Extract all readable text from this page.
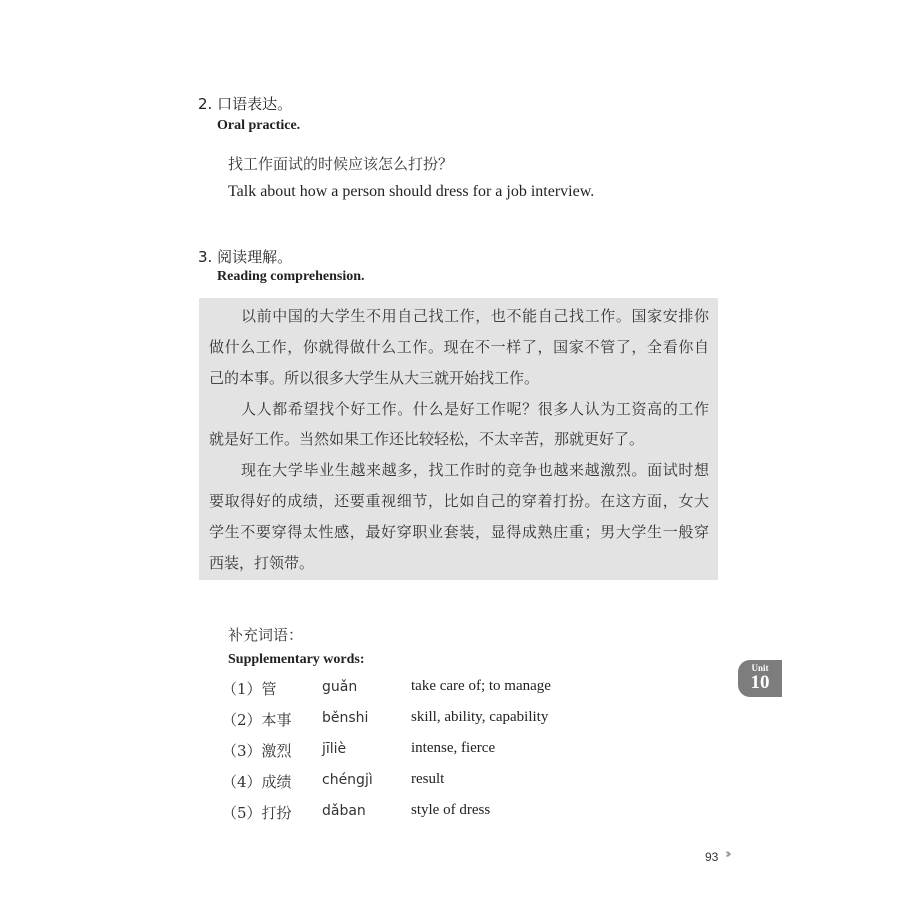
2. 口语表达。
Oral practice.
找工作面试的时候应该怎么打扮？
Talk about how a person should dress for a job interview.
3. 阅读理解。
Reading comprehension.
以前中国的大学生不用自己找工作，也不能自己找工作。国家安排你
做什么工作，你就得做什么工作。现在不一样了，国家不管了，全看你自
己的本事。所以很多大学生从大三就开始找工作。
人人都希望找个好工作。什么是好工作呢？很多人认为工资高的工作
就是好工作。当然如果工作还比较轻松，不太辛苦，那就更好了。
现在大学毕业生越来越多，找工作时的竞争也越来越激烈。面试时想
要取得好的成绩，还要重视细节，比如自己的穿着打扮。在这方面，女大
学生不要穿得太性感，最好穿职业套装，显得成熟庄重；男大学生一般穿
西装，打领带。
补充词语：
Supplementary words:
（1）管	guǎn	take care of; to manage
（2）本事 běnshi	skill, ability, capability
（3）激烈 jīliè	intense, fierce
（4）成绩 chéngjì	result
（5）打扮 dǎban	style of dress
Unit
10
93 ››
